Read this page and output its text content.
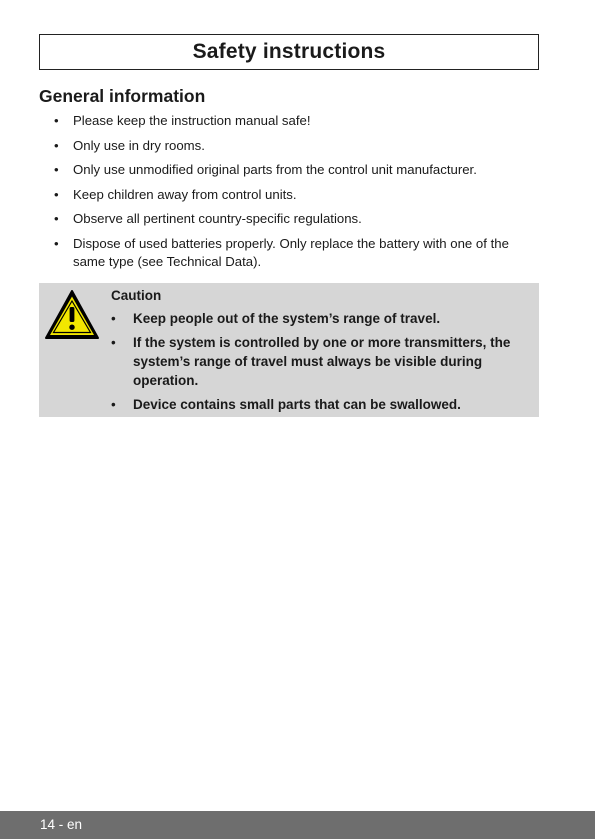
Safety instructions
General information
• Please keep the instruction manual safe!
• Only use in dry rooms.
• Only use unmodified original parts from the control unit manufacturer.
• Keep children away from control units.
• Observe all pertinent country-specific regulations.
• Dispose of used batteries properly. Only replace the battery with one of the same type (see Technical Data).
Caution
• Keep people out of the system’s range of travel.
• If the system is controlled by one or more transmitters, the system’s range of travel must always be visible during operation.
• Device contains small parts that can be swallowed.
14 - en
